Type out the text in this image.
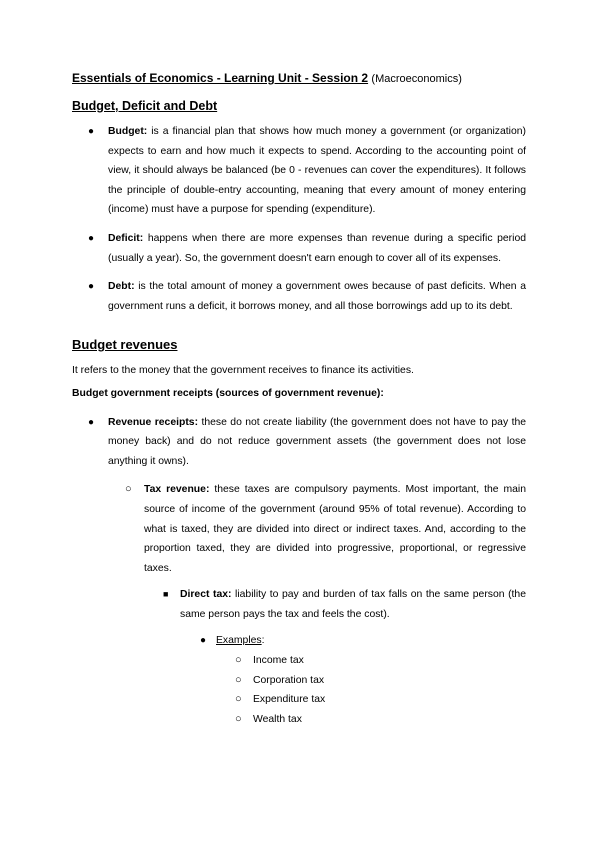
Essentials of Economics - Learning Unit - Session 2 (Macroeconomics)

Budget, Deficit and Debt

● Budget: is a financial plan that shows how much money a government (or organization) expects to earn and how much it expects to spend. According to the accounting point of view, it should always be balanced (be 0 - revenues can cover the expenditures). It follows the principle of double-entry accounting, meaning that every amount of money entering (income) must have a purpose for spending (expenditure).
● Deficit: happens when there are more expenses than revenue during a specific period (usually a year). So, the government doesn't earn enough to cover all of its expenses.
● Debt: is the total amount of money a government owes because of past deficits. When a government runs a deficit, it borrows money, and all those borrowings add up to its debt.

Budget revenues

It refers to the money that the government receives to finance its activities.

Budget government receipts (sources of government revenue):

● Revenue receipts: these do not create liability (the government does not have to pay the money back) and do not reduce government assets (the government does not lose anything it owns).
○ Tax revenue: these taxes are compulsory payments. Most important, the main source of income of the government (around 95% of total revenue). According to what is taxed, they are divided into direct or indirect taxes. And, according to the proportion taxed, they are divided into progressive, proportional, or regressive taxes.
■ Direct tax: liability to pay and burden of tax falls on the same person (the same person pays the tax and feels the cost).
● Examples:
○ Income tax
○ Corporation tax
○ Expenditure tax
○ Wealth tax
